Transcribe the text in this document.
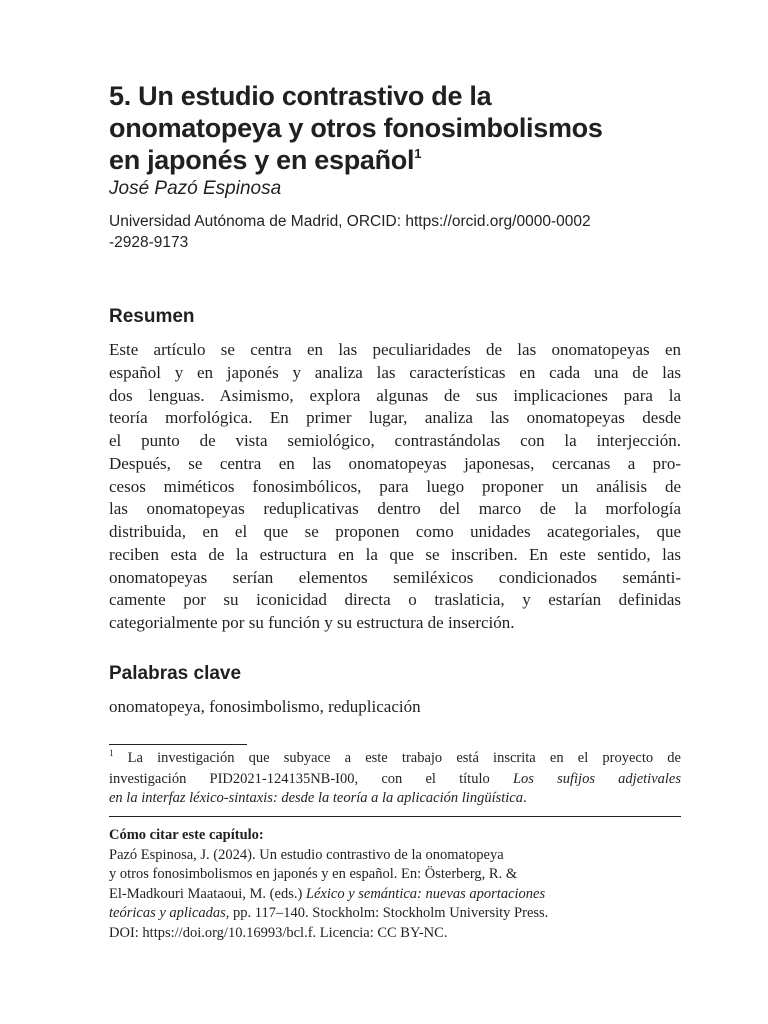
5. Un estudio contrastivo de la
onomatopeya y otros fonosimbolismos
en japonés y en español$^1$
José Pazó Espinosa
Universidad Autónoma de Madrid, ORCID: https://orcid.org/0000-0002
-2928-9173
Resumen
Este artículo se centra en las peculiaridades de las onomatopeyas en
español y en japonés y analiza las características en cada una de las
dos lenguas. Asimismo, explora algunas de sus implicaciones para la
teoría morfológica. En primer lugar, analiza las onomatopeyas desde
el punto de vista semiológico, contrastándolas con la interjección.
Después, se centra en las onomatopeyas japonesas, cercanas a pro-
cesos miméticos fonosimbólicos, para luego proponer un análisis de
las onomatopeyas reduplicativas dentro del marco de la morfología
distribuida, en el que se proponen como unidades acategoriales, que
reciben esta de la estructura en la que se inscriben. En este sentido, las
onomatopeyas serían elementos semiléxicos condicionados semánti-
camente por su iconicidad directa o traslaticia, y estarían definidas
categorialmente por su función y su estructura de inserción.
Palabras clave
onomatopeya, fonosimbolismo, reduplicación
$^1$ La investigación que subyace a este trabajo está inscrita en el proyecto de
investigación PID2021-124135NB-I00, con el título Los sufijos adjetivales
en la interfaz léxico-sintaxis: desde la teoría a la aplicación lingüística.
Cómo citar este capítulo:
Pazó Espinosa, J. (2024). Un estudio contrastivo de la onomatopeya
y otros fonosimbolismos en japonés y en español. En: Österberg, R. &
El-Madkouri Maataoui, M. (eds.) Léxico y semántica: nuevas aportaciones
teóricas y aplicadas, pp. 117–140. Stockholm: Stockholm University Press.
DOI: https://doi.org/10.16993/bcl.f. Licencia: CC BY-NC.
